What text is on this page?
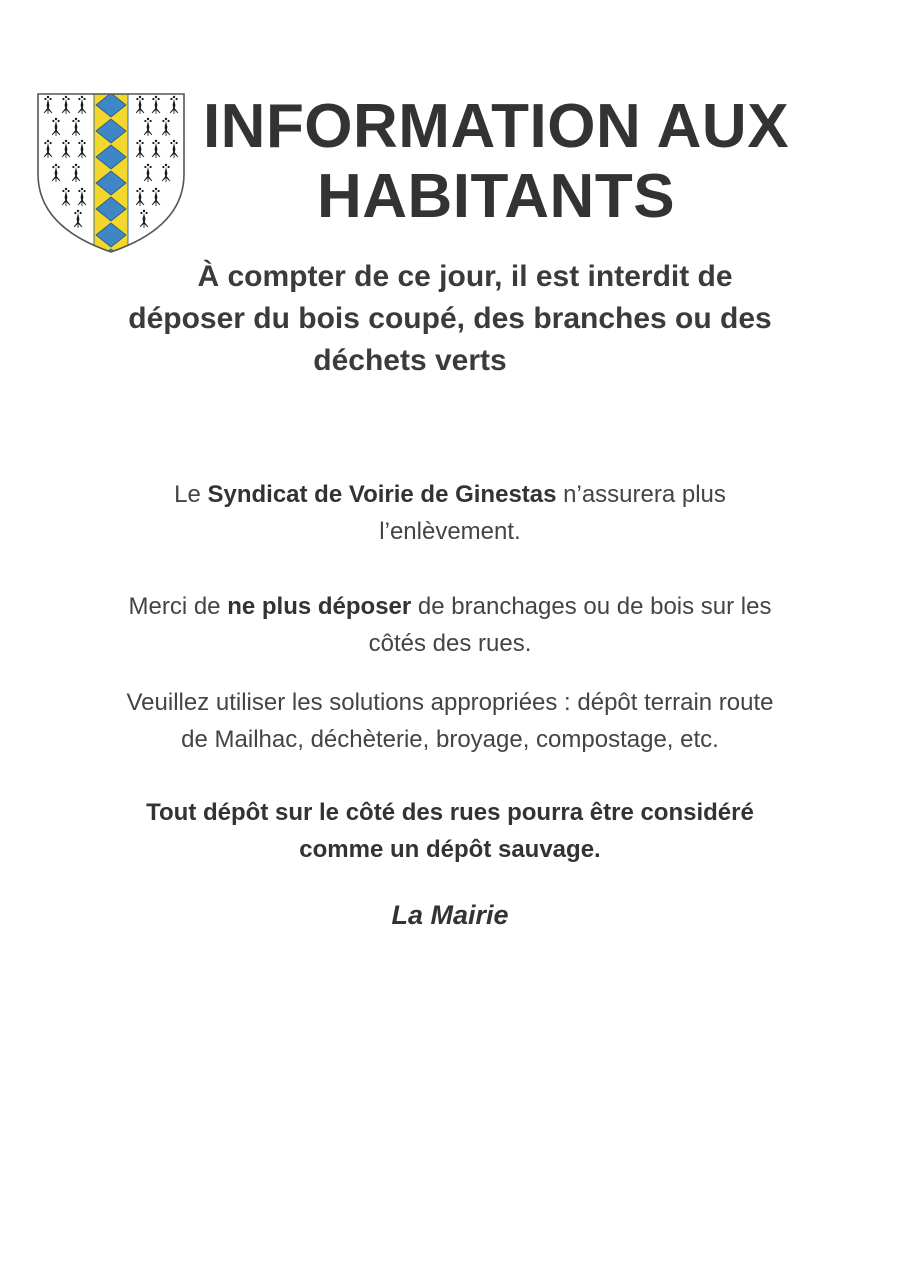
INFORMATION AUX
HABITANTS
À compter de ce jour, il est interdit de
déposer du bois coupé, des branches ou des
déchets verts

Le Syndicat de Voirie de Ginestas n’assurera plus
l’enlèvement.

Merci de ne plus déposer de branchages ou de bois sur les
côtés des rues.

Veuillez utiliser les solutions appropriées : dépôt terrain route
de Mailhac, déchèterie, broyage, compostage, etc.

Tout dépôt sur le côté des rues pourra être considéré
comme un dépôt sauvage.

La Mairie
